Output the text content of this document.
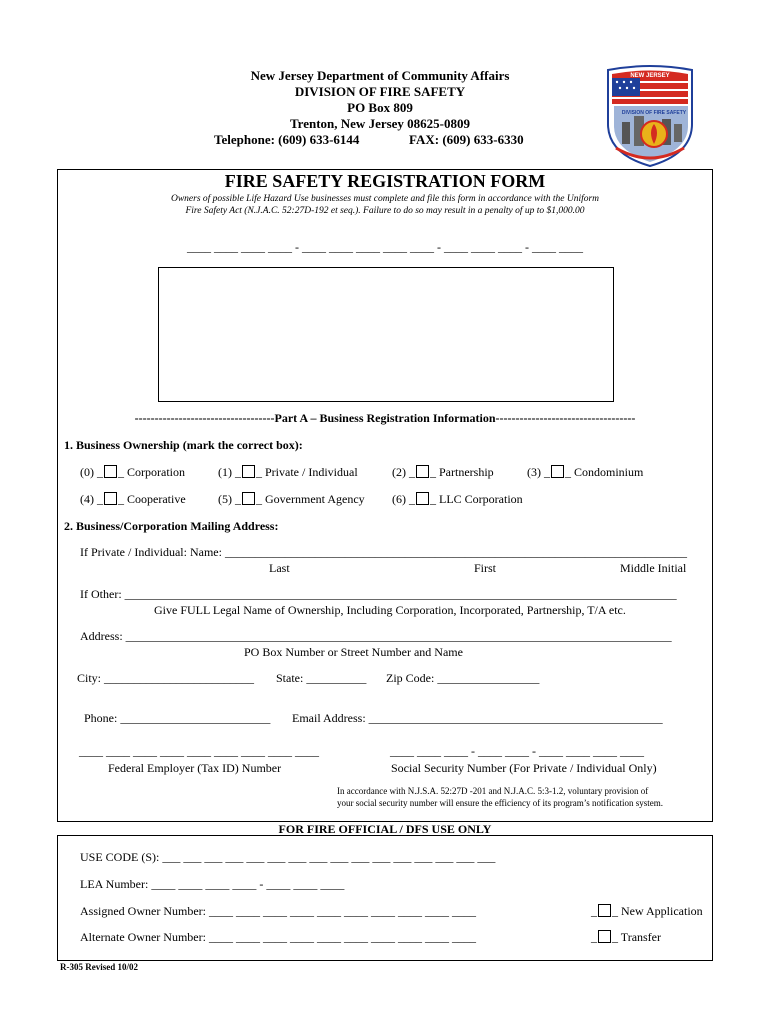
New Jersey Department of Community Affairs
DIVISION OF FIRE SAFETY
PO Box 809
Trenton, New Jersey 08625-0809
Telephone: (609) 633-6144	FAX: (609) 633-6330
NEW JERSEY
DIVISION OF FIRE SAFETY
FIRE SAFETY REGISTRATION FORM
Owners of possible Life Hazard Use businesses must complete and file this form in accordance with the Uniform
Fire Safety Act (N.J.A.C. 52:27D-192 et seq.). Failure to do so may result in a penalty of up to $1,000.00
____ ____ ____ ____ - ____ ____ ____ ____ ____ - ____ ____ ____ - ____ ____
-----------------------------------Part A – Business Registration Information-----------------------------------
1. Business Ownership (mark the correct box):
(0) _ _ Corporation	(1) _ _ Private / Individual	(2) _ _ Partnership	(3) _ _ Condominium
(4) _ _ Cooperative	(5) _ _ Government Agency (6) _ _ LLC Corporation
2. Business/Corporation Mailing Address:
If Private / Individual: Name: _____________________________________________________________________________
Last	First	Middle Initial
If Other: ____________________________________________________________________________________________
Give FULL Legal Name of Ownership, Including Corporation, Incorporated, Partnership, T/A etc.
Address: ___________________________________________________________________________________________
PO Box Number or Street Number and Name
City: _________________________ State: __________ Zip Code: _________________
Phone: _________________________ Email Address: _________________________________________________
____ ____ ____ ____ ____ ____ ____ ____ ____
Federal Employer (Tax ID) Number
____ ____ ____ - ____ ____ - ____ ____ ____ ____
Social Security Number (For Private / Individual Only)
In accordance with N.J.S.A. 52:27D -201 and N.J.A.C. 5:3-1.2, voluntary provision of
your social security number will ensure the efficiency of its program’s notification system.
FOR FIRE OFFICIAL / DFS USE ONLY
USE CODE (S): ___ ___ ___ ___ ___ ___ ___ ___ ___ ___ ___ ___ ___ ___ ___ ___
LEA Number: ____ ____ ____ ____ - ____ ____ ____
Assigned Owner Number: ____ ____ ____ ____ ____ ____ ____ ____ ____ ____
Alternate Owner Number: ____ ____ ____ ____ ____ ____ ____ ____ ____ ____
_ _ New Application
_ _ Transfer
R-305 Revised 10/02
